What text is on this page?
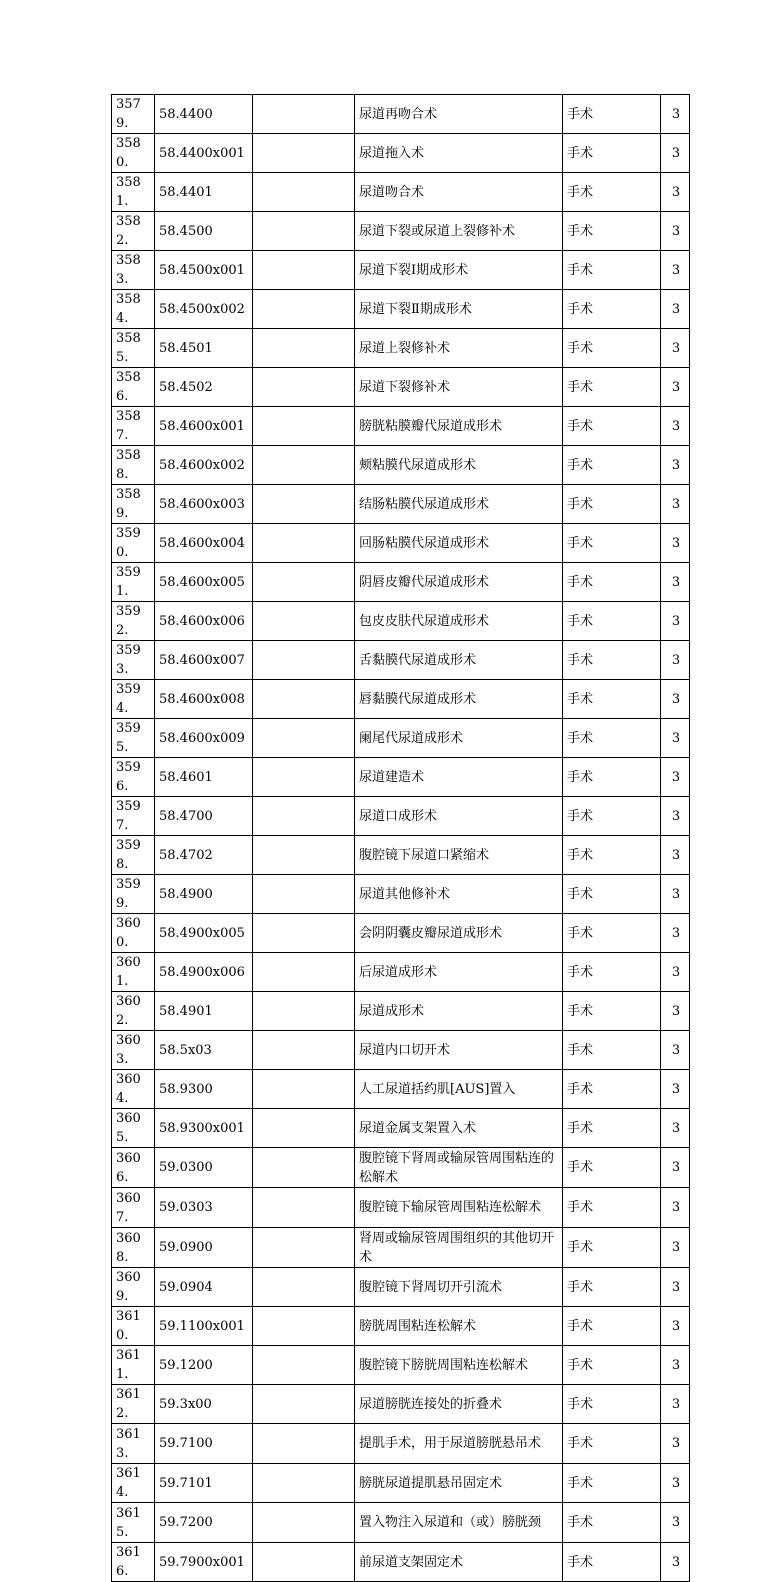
3579.	58.4400		尿道再吻合术	手术	3
3580.	58.4400x001		尿道拖入术	手术	3
3581.	58.4401		尿道吻合术	手术	3
3582.	58.4500		尿道下裂或尿道上裂修补术	手术	3
3583.	58.4500x001		尿道下裂Ⅰ期成形术	手术	3
3584.	58.4500x002		尿道下裂Ⅱ期成形术	手术	3
3585.	58.4501		尿道上裂修补术	手术	3
3586.	58.4502		尿道下裂修补术	手术	3
3587.	58.4600x001		膀胱粘膜瓣代尿道成形术	手术	3
3588.	58.4600x002		颊粘膜代尿道成形术	手术	3
3589.	58.4600x003		结肠粘膜代尿道成形术	手术	3
3590.	58.4600x004		回肠粘膜代尿道成形术	手术	3
3591.	58.4600x005		阴唇皮瓣代尿道成形术	手术	3
3592.	58.4600x006		包皮皮肤代尿道成形术	手术	3
3593.	58.4600x007		舌黏膜代尿道成形术	手术	3
3594.	58.4600x008		唇黏膜代尿道成形术	手术	3
3595.	58.4600x009		阑尾代尿道成形术	手术	3
3596.	58.4601		尿道建造术	手术	3
3597.	58.4700		尿道口成形术	手术	3
3598.	58.4702		腹腔镜下尿道口紧缩术	手术	3
3599.	58.4900		尿道其他修补术	手术	3
3600.	58.4900x005		会阴阴囊皮瓣尿道成形术	手术	3
3601.	58.4900x006		后尿道成形术	手术	3
3602.	58.4901		尿道成形术	手术	3
3603.	58.5x03		尿道内口切开术	手术	3
3604.	58.9300		人工尿道括约肌[AUS]置入	手术	3
3605.	58.9300x001		尿道金属支架置入术	手术	3
3606.	59.0300		腹腔镜下肾周或输尿管周围粘连的松解术	手术	3
3607.	59.0303		腹腔镜下输尿管周围粘连松解术	手术	3
3608.	59.0900		肾周或输尿管周围组织的其他切开术	手术	3
3609.	59.0904		腹腔镜下肾周切开引流术	手术	3
3610.	59.1100x001		膀胱周围粘连松解术	手术	3
3611.	59.1200		腹腔镜下膀胱周围粘连松解术	手术	3
3612.	59.3x00		尿道膀胱连接处的折叠术	手术	3
3613.	59.7100		提肌手术，用于尿道膀胱悬吊术	手术	3
3614.	59.7101		膀胱尿道提肌悬吊固定术	手术	3
3615.	59.7200		置入物注入尿道和（或）膀胱颈	手术	3
3616.	59.7900x001		前尿道支架固定术	手术	3
